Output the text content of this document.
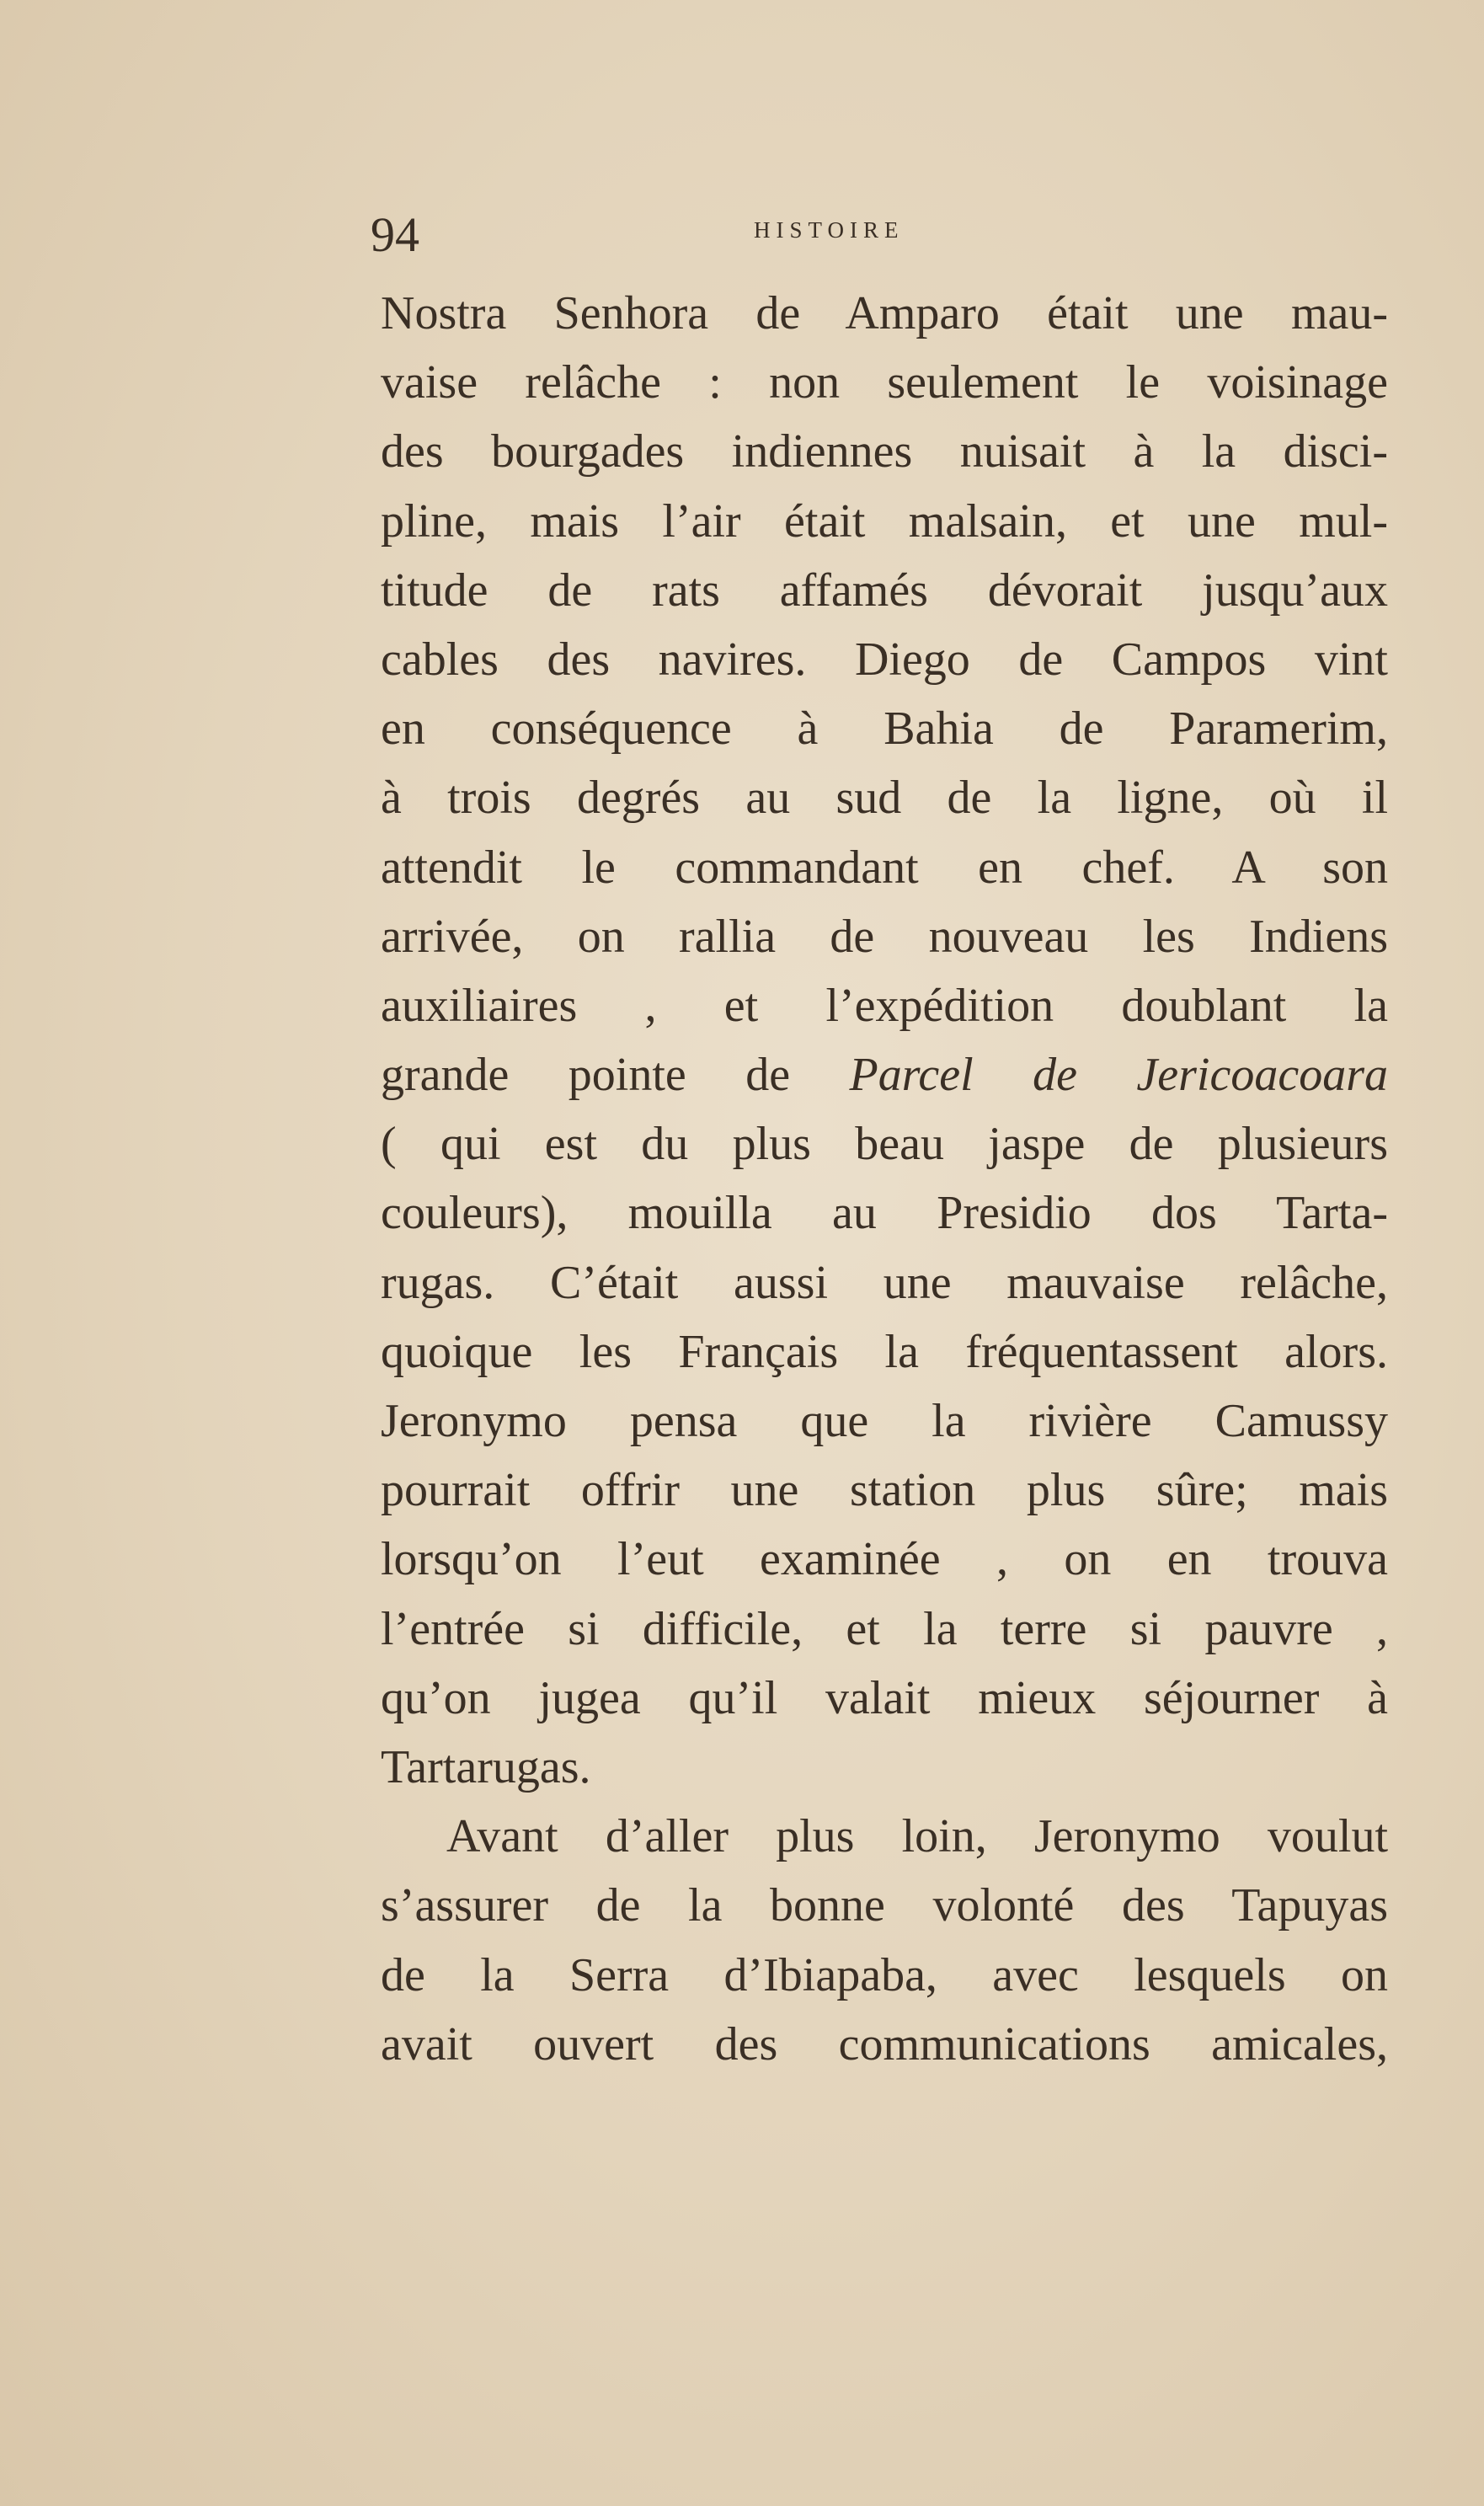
94	HISTOIRE
Nostra Senhora de Amparo était une mau-
vaise relâche : non seulement le voisinage
des bourgades indiennes nuisait à la disci-
pline, mais l’air était malsain, et une mul-
titude de rats affamés dévorait jusqu’aux
cables des navires. Diego de Campos vint
en conséquence à Bahia de Paramerim,
à trois degrés au sud de la ligne, où il
attendit le commandant en chef. A son
arrivée, on rallia de nouveau les Indiens
auxiliaires , et l’expédition doublant la
grande pointe de Parcel de Jericoacoara
( qui est du plus beau jaspe de plusieurs
couleurs), mouilla au Presidio dos Tarta-
rugas. C’était aussi une mauvaise relâche,
quoique les Français la fréquentassent alors.
Jeronymo pensa que la rivière Camussy
pourrait offrir une station plus sûre; mais
lorsqu’on l’eut examinée , on en trouva
l’entrée si difficile, et la terre si pauvre ,
qu’on jugea qu’il valait mieux séjourner à
Tartarugas.
Avant d’aller plus loin, Jeronymo voulut
s’assurer de la bonne volonté des Tapuyas
de la Serra d’Ibiapaba, avec lesquels on
avait ouvert des communications amicales,
